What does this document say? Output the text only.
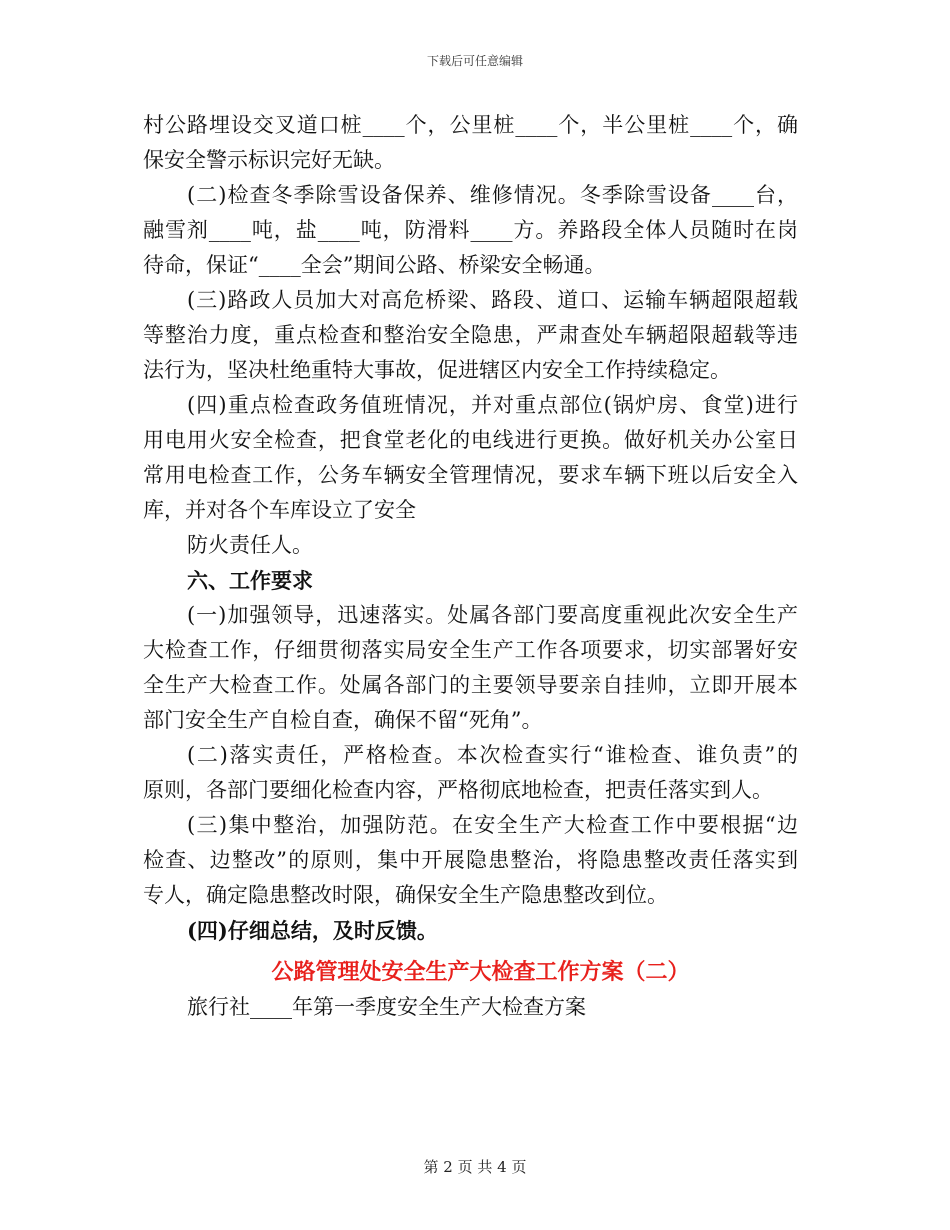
下载后可任意编辑
村公路埋设交叉道口桩____个，公里桩____个，半公里桩____个，确
保安全警示标识完好无缺。
(二)检查冬季除雪设备保养、维修情况。冬季除雪设备____台，
融雪剂____吨，盐____吨，防滑料____方。养路段全体人员随时在岗
待命，保证“____全会”期间公路、桥梁安全畅通。
(三)路政人员加大对高危桥梁、路段、道口、运输车辆超限超载
等整治力度，重点检查和整治安全隐患，严肃查处车辆超限超载等违
法行为，坚决杜绝重特大事故，促进辖区内安全工作持续稳定。
(四)重点检查政务值班情况，并对重点部位(锅炉房、食堂)进行
用电用火安全检查，把食堂老化的电线进行更换。做好机关办公室日
常用电检查工作，公务车辆安全管理情况，要求车辆下班以后安全入
库，并对各个车库设立了安全
防火责任人。
六、工作要求
(一)加强领导，迅速落实。处属各部门要高度重视此次安全生产
大检查工作，仔细贯彻落实局安全生产工作各项要求，切实部署好安
全生产大检查工作。处属各部门的主要领导要亲自挂帅，立即开展本
部门安全生产自检自查，确保不留“死角”。
(二)落实责任，严格检查。本次检查实行“谁检查、谁负责”的
原则，各部门要细化检查内容，严格彻底地检查，把责任落实到人。
(三)集中整治，加强防范。在安全生产大检查工作中要根据“边
检查、边整改”的原则，集中开展隐患整治，将隐患整改责任落实到
专人，确定隐患整改时限，确保安全生产隐患整改到位。
(四)仔细总结，及时反馈。
公路管理处安全生产大检查工作方案（二）
旅行社____年第一季度安全生产大检查方案
第 2 页 共 4 页
